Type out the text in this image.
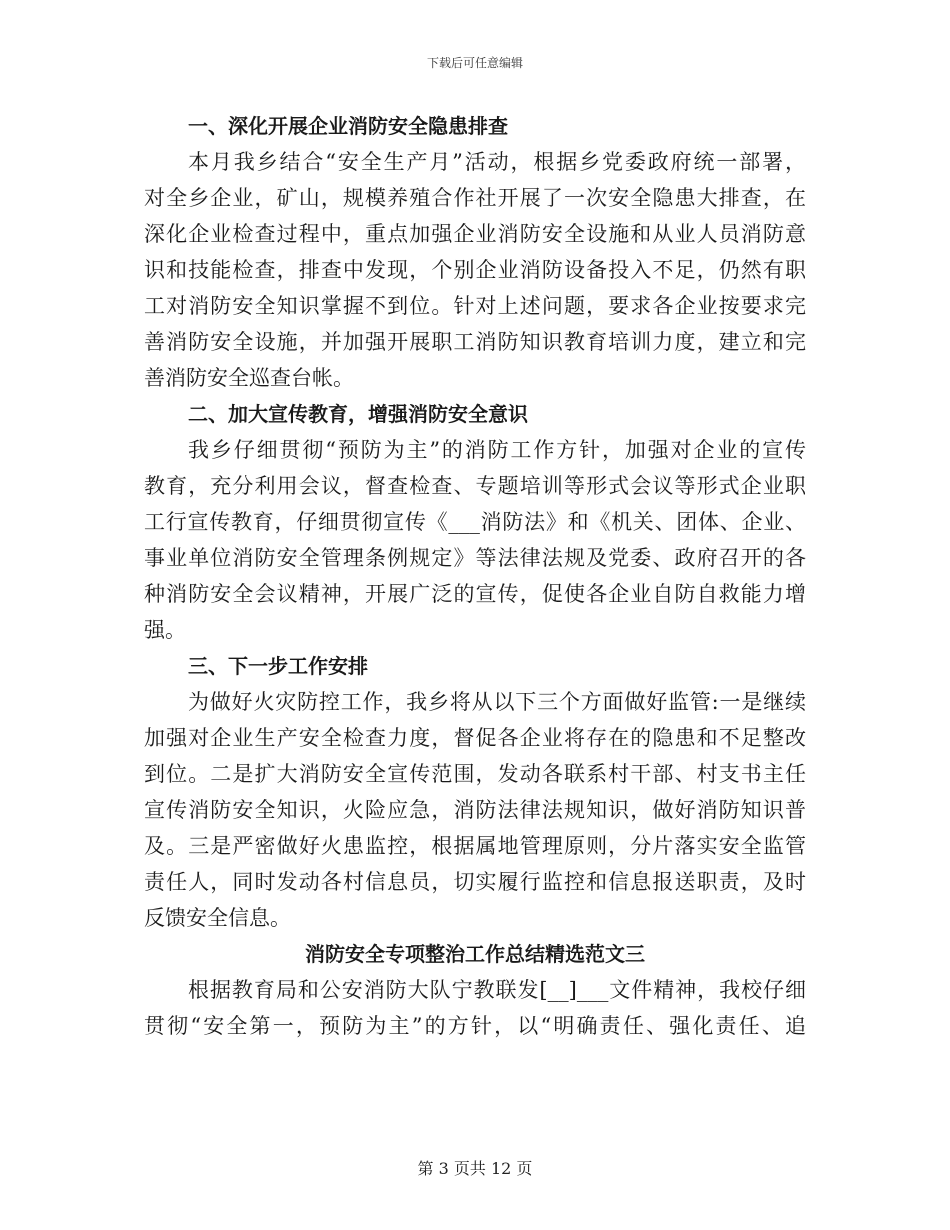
下载后可任意编辑
一、深化开展企业消防安全隐患排查
本月我乡结合“安全生产月”活动，根据乡党委政府统一部署，
对全乡企业，矿山，规模养殖合作社开展了一次安全隐患大排查，在
深化企业检查过程中，重点加强企业消防安全设施和从业人员消防意
识和技能检查，排查中发现，个别企业消防设备投入不足，仍然有职
工对消防安全知识掌握不到位。针对上述问题，要求各企业按要求完
善消防安全设施，并加强开展职工消防知识教育培训力度，建立和完
善消防安全巡查台帐。
二、加大宣传教育，增强消防安全意识
我乡仔细贯彻“预防为主”的消防工作方针，加强对企业的宣传
教育，充分利用会议，督查检查、专题培训等形式会议等形式企业职
工行宣传教育，仔细贯彻宣传《___消防法》和《机关、团体、企业、
事业单位消防安全管理条例规定》等法律法规及党委、政府召开的各
种消防安全会议精神，开展广泛的宣传，促使各企业自防自救能力增
强。
三、下一步工作安排
为做好火灾防控工作，我乡将从以下三个方面做好监管:一是继续
加强对企业生产安全检查力度，督促各企业将存在的隐患和不足整改
到位。二是扩大消防安全宣传范围，发动各联系村干部、村支书主任
宣传消防安全知识，火险应急，消防法律法规知识，做好消防知识普
及。三是严密做好火患监控，根据属地管理原则，分片落实安全监管
责任人，同时发动各村信息员，切实履行监控和信息报送职责，及时
反馈安全信息。
消防安全专项整治工作总结精选范文三
根据教育局和公安消防大队宁教联发[__]___文件精神，我校仔细
贯彻“安全第一，预防为主”的方针，以“明确责任、强化责任、追
第 3 页共 12 页
